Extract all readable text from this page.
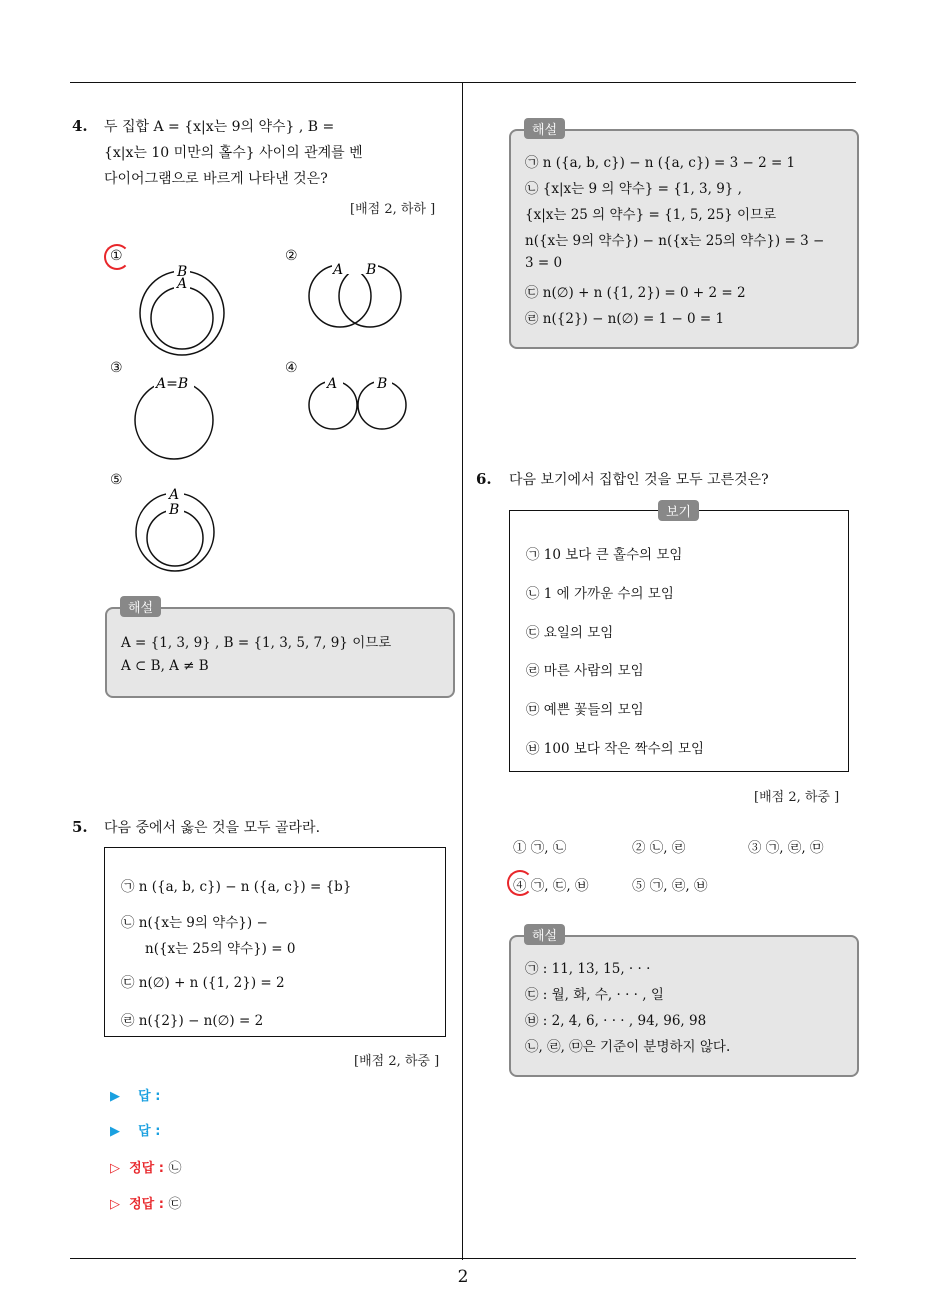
4. 두 집합 A = {x|x는 9의 약수} , B =
{x|x는 10 미만의 홀수} 사이의 관계를 벤
다이어그램으로 바르게 나타낸 것은?
[배점 2, 하하 ]
①	②
③	④
⑤
B
A
A B
A=B	A	B
A
B
A = {1, 3, 9} , B = {1, 3, 5, 7, 9} 이므로
A ⊂ B, A ≠ B
해설
5. 다음 중에서 옳은 것을 모두 골라라.
㉠ n ({a, b, c}) − n ({a, c}) = {b}
㉡ n({x는 9의 약수}) −
n({x는 25의 약수}) = 0
㉢ n(∅) + n ({1, 2}) = 2
㉣ n({2}) − n(∅) = 2
[배점 2, 하중 ]
▶ 답 :
▶ 답 :
▷ 정답 : ㉡
▷ 정답 : ㉢
㉠ n ({a, b, c}) − n ({a, c}) = 3 − 2 = 1
㉡ {x|x는 9 의 약수} = {1, 3, 9} ,
{x|x는 25 의 약수} = {1, 5, 25} 이므로
n({x는 9의 약수}) − n({x는 25의 약수}) = 3 −
3 = 0
㉢ n(∅) + n ({1, 2}) = 0 + 2 = 2
㉣ n({2}) − n(∅) = 1 − 0 = 1
해설
6. 다음 보기에서 집합인 것을 모두 고른것은?
㉠ 10 보다 큰 홀수의 모임
㉡ 1 에 가까운 수의 모임
㉢ 요일의 모임
㉣ 마른 사람의 모임
㉤ 예쁜 꽃들의 모임
㉥ 100 보다 작은 짝수의 모임
보기
[배점 2, 하중 ]
① ㉠, ㉡	② ㉡, ㉣	③ ㉠, ㉣, ㉤
④ ㉠, ㉢, ㉥	⑤ ㉠, ㉣, ㉥
㉠ : 11, 13, 15, · · ·
㉢ : 월, 화, 수, · · · , 일
㉥ : 2, 4, 6, · · · , 94, 96, 98
㉡, ㉣, ㉤은 기준이 분명하지 않다.
해설
2
